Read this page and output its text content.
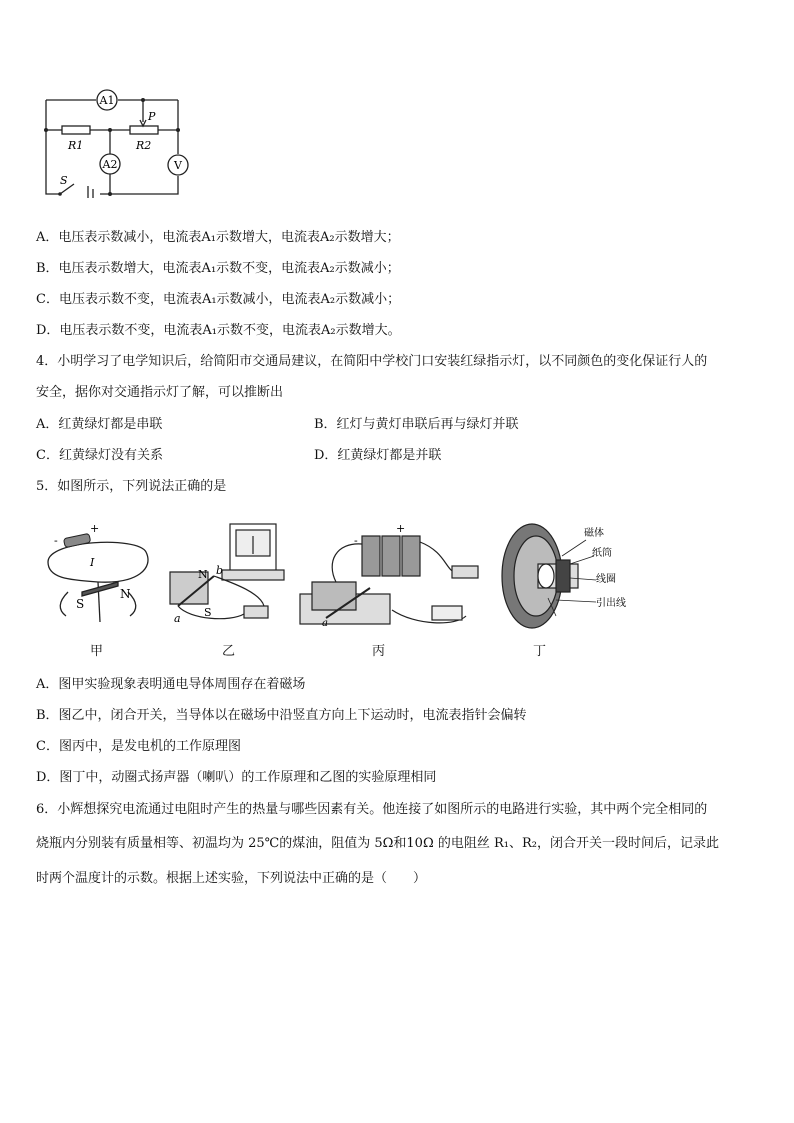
A1
A2	V
R1	R2
P
S
A．电压表示数减小，电流表A₁示数增大，电流表A₂示数增大；
B．电压表示数增大，电流表A₁示数不变，电流表A₂示数减小；
C．电压表示数不变，电流表A₁示数减小，电流表A₂示数减小；
D．电压表示数不变，电流表A₁示数不变，电流表A₂示数增大。
4．小明学习了电学知识后，给简阳市交通局建议，在简阳中学校门口安装红绿指示灯，以不同颜色的变化保证行人的
安全，据你对交通指示灯了解，可以推断出
A．红黄绿灯都是串联	B．红灯与黄灯串联后再与绿灯并联
C．红黄绿灯没有关系	D．红黄绿灯都是并联
5．如图所示，下列说法正确的是
+
-
I
S
N
甲
N b
a S
乙
+
-
a
丙
磁体
纸筒
线圈
引出线
丁
A．图甲实验现象表明通电导体周围存在着磁场
B．图乙中，闭合开关，当导体以在磁场中沿竖直方向上下运动时，电流表指针会偏转
C．图丙中，是发电机的工作原理图
D．图丁中，动圈式扬声器（喇叭）的工作原理和乙图的实验原理相同
6．小辉想探究电流通过电阻时产生的热量与哪些因素有关。他连接了如图所示的电路进行实验，其中两个完全相同的
烧瓶内分别装有质量相等、初温均为 25℃的煤油，阻值为 5Ω和10Ω 的电阻丝 R₁、R₂，闭合开关一段时间后，记录此
时两个温度计的示数。根据上述实验，下列说法中正确的是（　　）
